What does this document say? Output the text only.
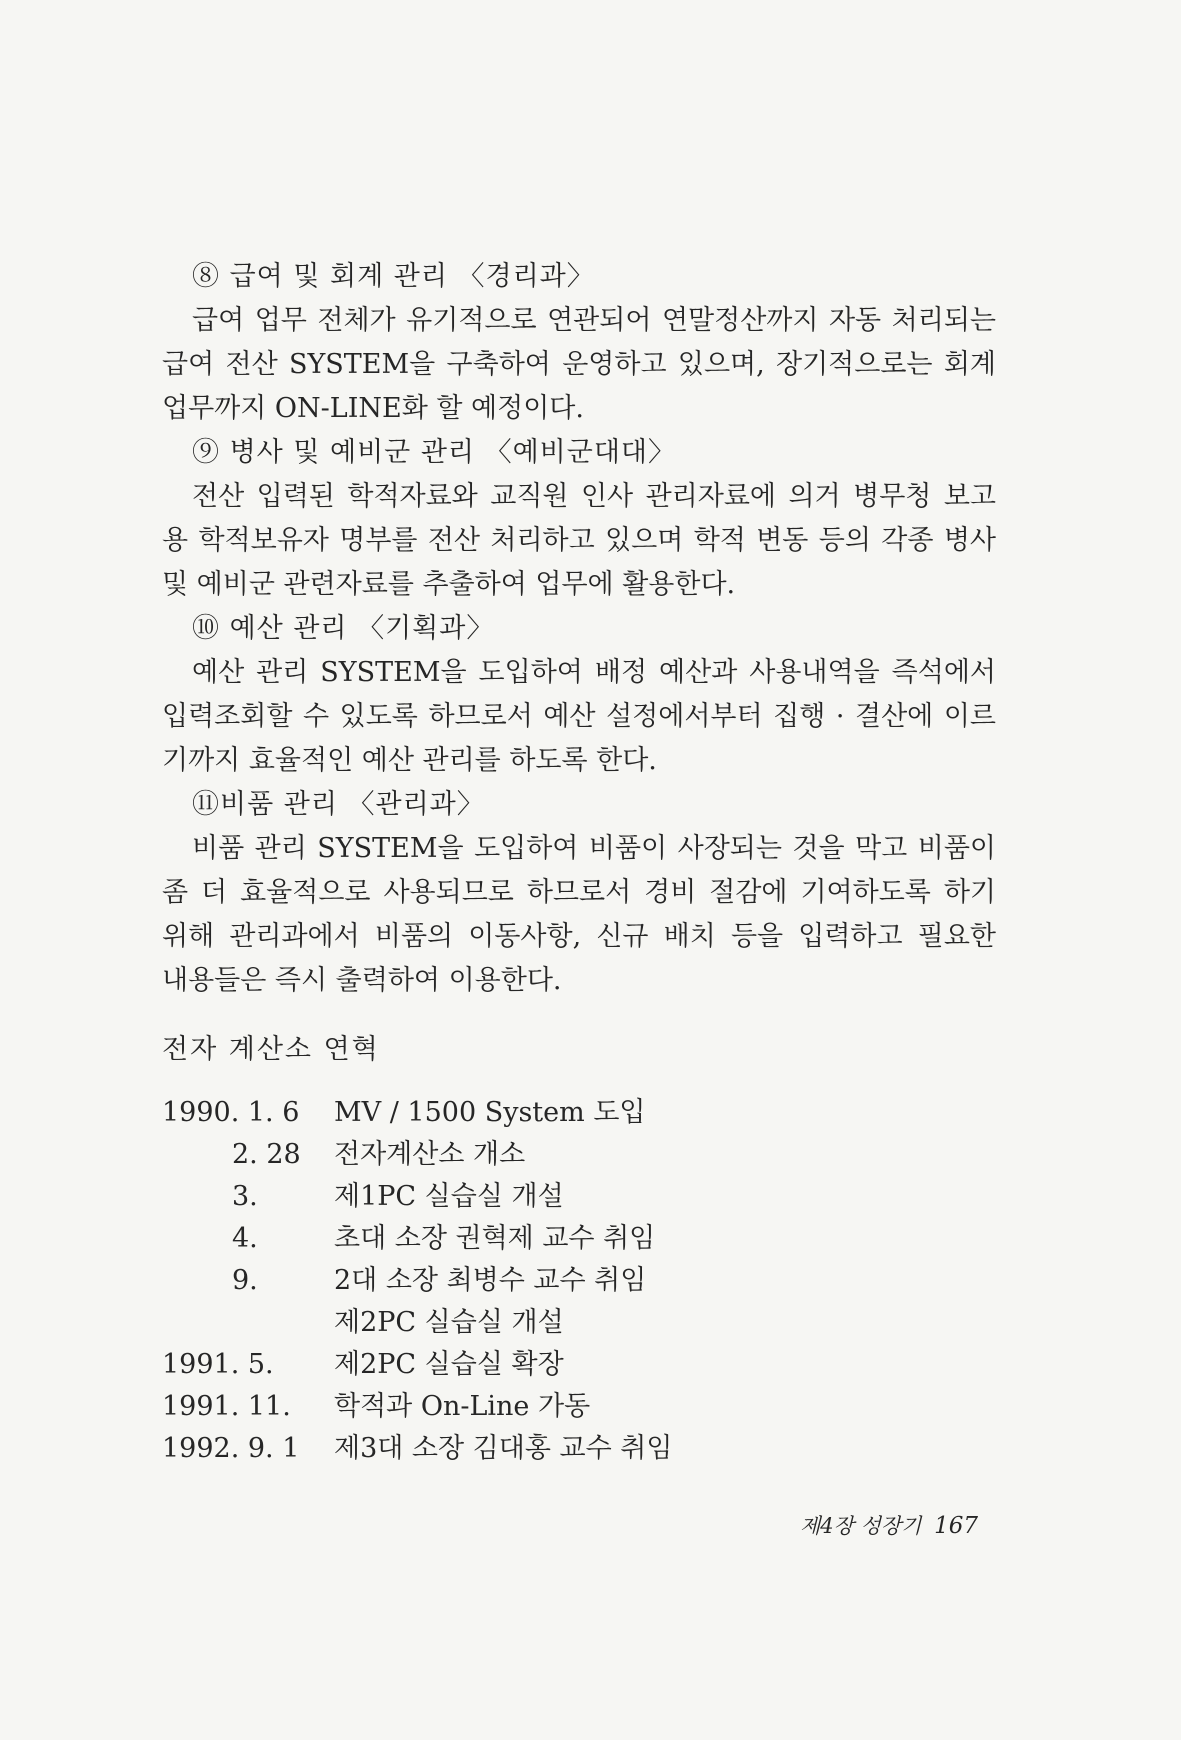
⑧ 급여 및 회계 관리 〈경리과〉

급여 업무 전체가 유기적으로 연관되어 연말정산까지 자동 처리되는
급여 전산 SYSTEM을 구축하여 운영하고 있으며, 장기적으로는 회계
업무까지 ON-LINE화 할 예정이다.

⑨ 병사 및 예비군 관리 〈예비군대대〉

전산 입력된 학적자료와 교직원 인사 관리자료에 의거 병무청 보고
용 학적보유자 명부를 전산 처리하고 있으며 학적 변동 등의 각종 병사
및 예비군 관련자료를 추출하여 업무에 활용한다.

⑩ 예산 관리 〈기획과〉

예산 관리 SYSTEM을 도입하여 배정 예산과 사용내역을 즉석에서
입력조회할 수 있도록 하므로서 예산 설정에서부터 집행 · 결산에 이르
기까지 효율적인 예산 관리를 하도록 한다.

⑪비품 관리 〈관리과〉

비품 관리 SYSTEM을 도입하여 비품이 사장되는 것을 막고 비품이
좀 더 효율적으로 사용되므로 하므로서 경비 절감에 기여하도록 하기
위해 관리과에서 비품의 이동사항, 신규 배치 등을 입력하고 필요한
내용들은 즉시 출력하여 이용한다.

전자 계산소 연혁
1990. 1. 6 MV / 1500 System 도입
2. 28 전자계산소 개소
3.	제1PC 실습실 개설
4.	초대 소장 권혁제 교수 취임
9.	2대 소장 최병수 교수 취임
제2PC 실습실 개설
1991. 5. 제2PC 실습실 확장
1991. 11. 학적과 On-Line 가동
1992. 9. 1 제3대 소장 김대홍 교수 취임
제4장 성장기 167
